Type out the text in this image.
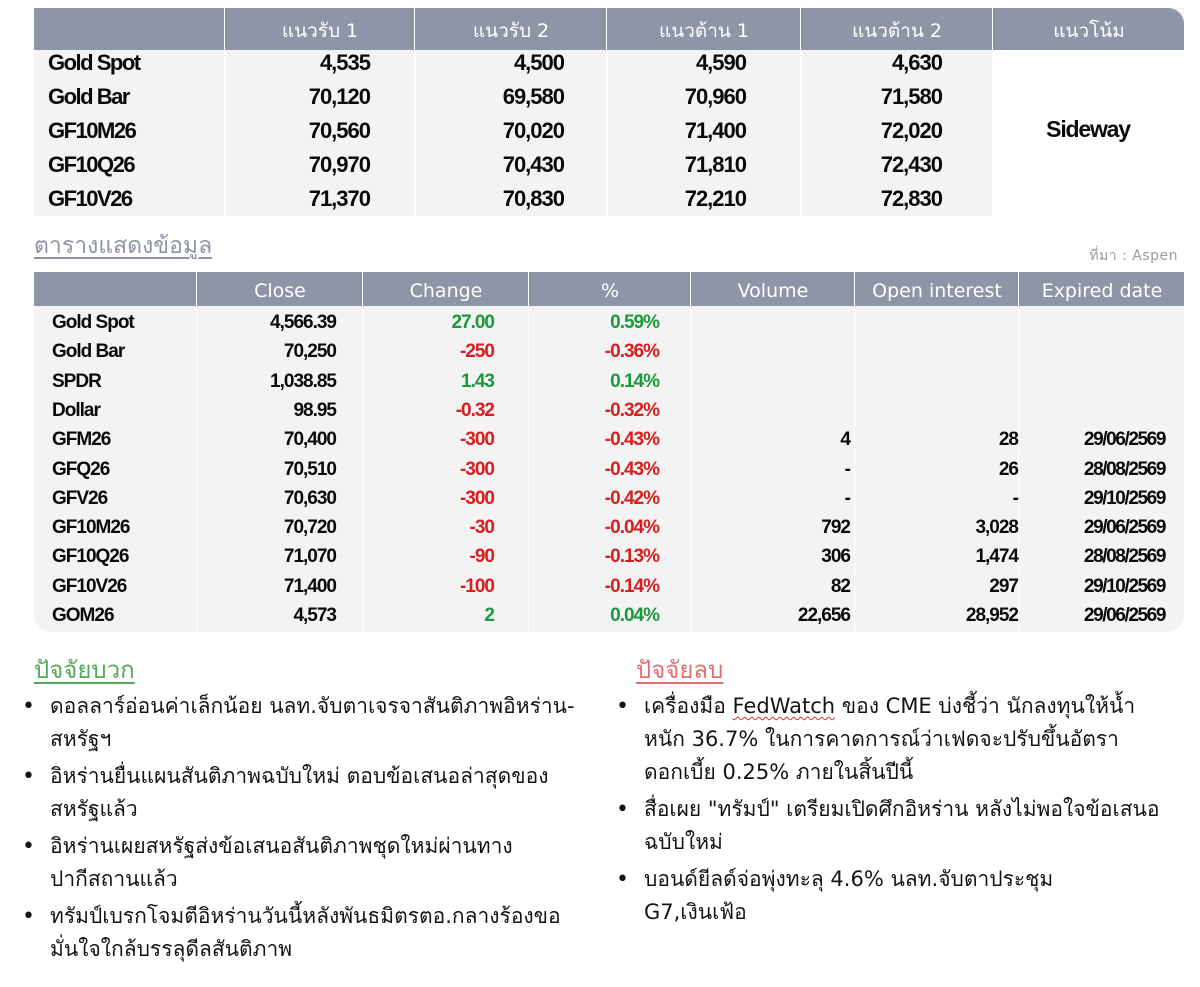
แนวรับ 1	แนวรับ 2	แนวต้าน 1	แนวต้าน 2	แนวโน้ม
Gold Spot	4,535	4,500	4,590	4,630
Gold Bar	70,120	69,580	70,960	71,580
GF10M26	70,560	70,020	71,400	72,020
GF10Q26	70,970	70,430	71,810	72,430
GF10V26	71,370	70,830	72,210	72,830
Sideway
ตารางแสดงข้อมูล	ที่มา : Aspen
Close	Change	%	Volume	Open interest	Expired date
Gold Spot	4,566.39	27.00	0.59%
Gold Bar	70,250	-250	-0.36%
SPDR	1,038.85	1.43	0.14%
Dollar	98.95	-0.32	-0.32%
GFM26	70,400	-300	-0.43%	4	28	29/06/2569
GFQ26	70,510	-300	-0.43%	-	26	28/08/2569
GFV26	70,630	-300	-0.42%	-	-	29/10/2569
GF10M26	70,720	-30	-0.04%	792	3,028	29/06/2569
GF10Q26	71,070	-90	-0.13%	306	1,474	28/08/2569
GF10V26	71,400	-100	-0.14%	82	297	29/10/2569
GOM26	4,573	2	0.04%	22,656	28,952	29/06/2569
ปัจจัยบวก	ปัจจัยลบ
• ดอลลาร์อ่อนค่าเล็กน้อย นลท.จับตาเจรจาสันติภาพอิหร่าน-สหรัฐฯ
• อิหร่านยื่นแผนสันติภาพฉบับใหม่ ตอบข้อเสนอล่าสุดของสหรัฐแล้ว
• อิหร่านเผยสหรัฐส่งข้อเสนอสันติภาพชุดใหม่ผ่านทางปากีสถานแล้ว
• ทรัมป์เบรกโจมตีอิหร่านวันนี้หลังพันธมิตรตอ.กลางร้องขอ มั่นใจใกล้บรรลุดีลสันติภาพ
• เครื่องมือ FedWatch ของ CME บ่งชี้ว่า นักลงทุนให้น้ำหนัก 36.7% ในการคาดการณ์ว่าเฟดจะปรับขึ้นอัตราดอกเบี้ย 0.25% ภายในสิ้นปีนี้
• สื่อเผย "ทรัมป์" เตรียมเปิดศึกอิหร่าน หลังไม่พอใจข้อเสนอฉบับใหม่
• บอนด์ยีลด์จ่อพุ่งทะลุ 4.6% นลท.จับตาประชุม G7,เงินเฟ้อ
